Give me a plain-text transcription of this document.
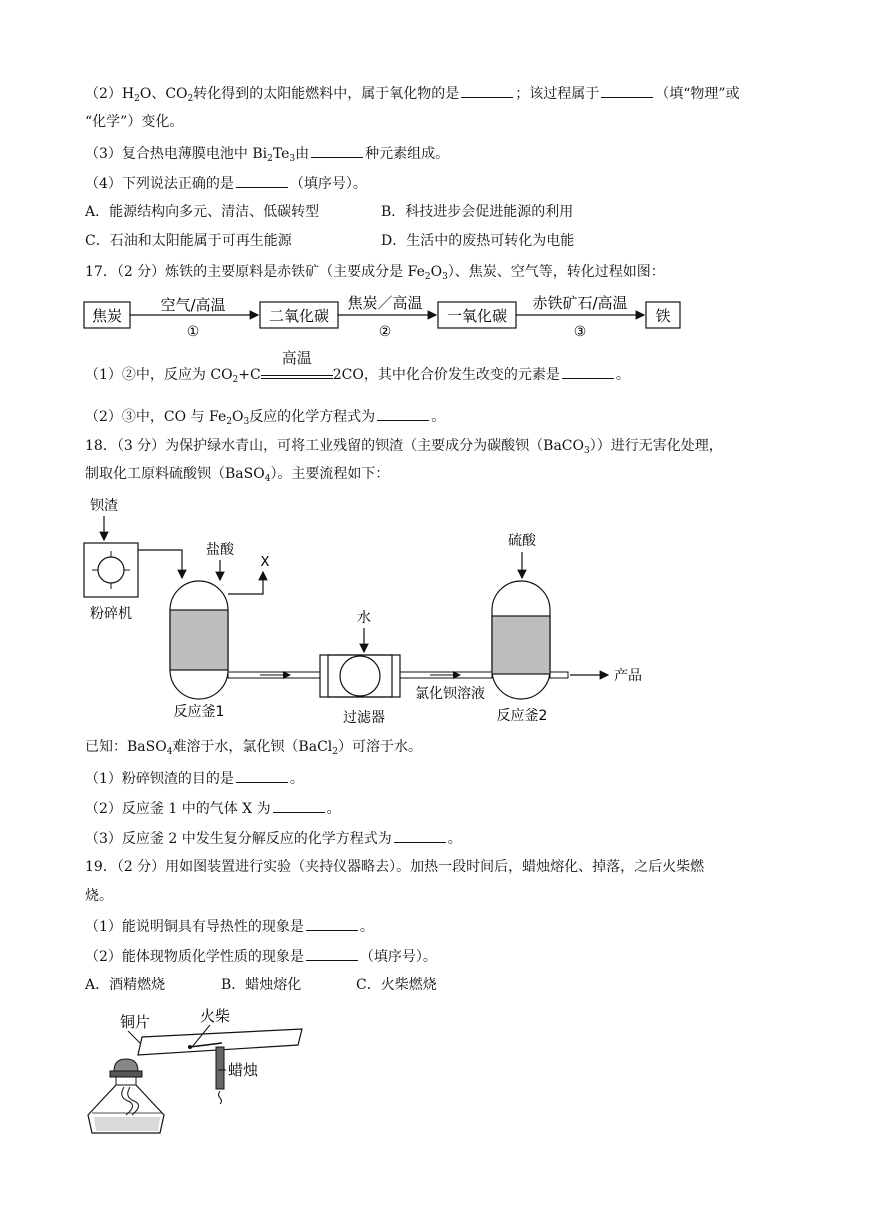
$(2)H_2O$、$CO_2$转化得到的太阳能燃料中，属于氧化物的是	；该过程属于	（填“物理”或
“化学”）变化。
（3）复合热电薄膜电池中 $Bi_2Te_3$由	种元素组成。
（4）下列说法正确的是	（填序号）。
A．能源结构向多元、清洁、低碳转型	B．科技进步会促进能源的利用
C．石油和太阳能属于可再生能源	D．生活中的废热可转化为电能
17．（2 分）炼铁的主要原料是赤铁矿（主要成分是 $Fe_2O_3$）、焦炭、空气等，转化过程如图：
焦炭
空气/高温
①
二氧化碳
焦炭／高温
②
一氧化碳
赤铁矿石/高温
③
铁
（1）②中，反应为 $CO_2+C$
高温
2CO，其中化合价发生改变的元素是	。
（2）③中，CO 与 $Fe_2O_3$反应的化学方程式为	。
18．（3 分）为保护绿水青山，可将工业残留的钡渣（主要成分为碳酸钡（BaCO$_3$））进行无害化处理，
制取化工原料硫酸钡（BaSO$_4$）。主要流程如下：
钡渣
粉碎机
盐酸
X
反应釜1
水
过滤器
氯化钡溶液
硫酸
反应釜2
产品
已知：BaSO$_4$难溶于水，氯化钡（BaCl$_2$）可溶于水。
（1）粉碎钡渣的目的是	。
（2）反应釜 1 中的气体 X 为	。
（3）反应釜 2 中发生复分解反应的化学方程式为	。
19．（2 分）用如图装置进行实验（夹持仪器略去）。加热一段时间后，蜡烛熔化、掉落，之后火柴燃
烧。
（1）能说明铜具有导热性的现象是	。
（2）能体现物质化学性质的现象是	（填序号）。
A．酒精燃烧	B．蜡烛熔化	C．火柴燃烧
铜片	火柴
蜡烛
